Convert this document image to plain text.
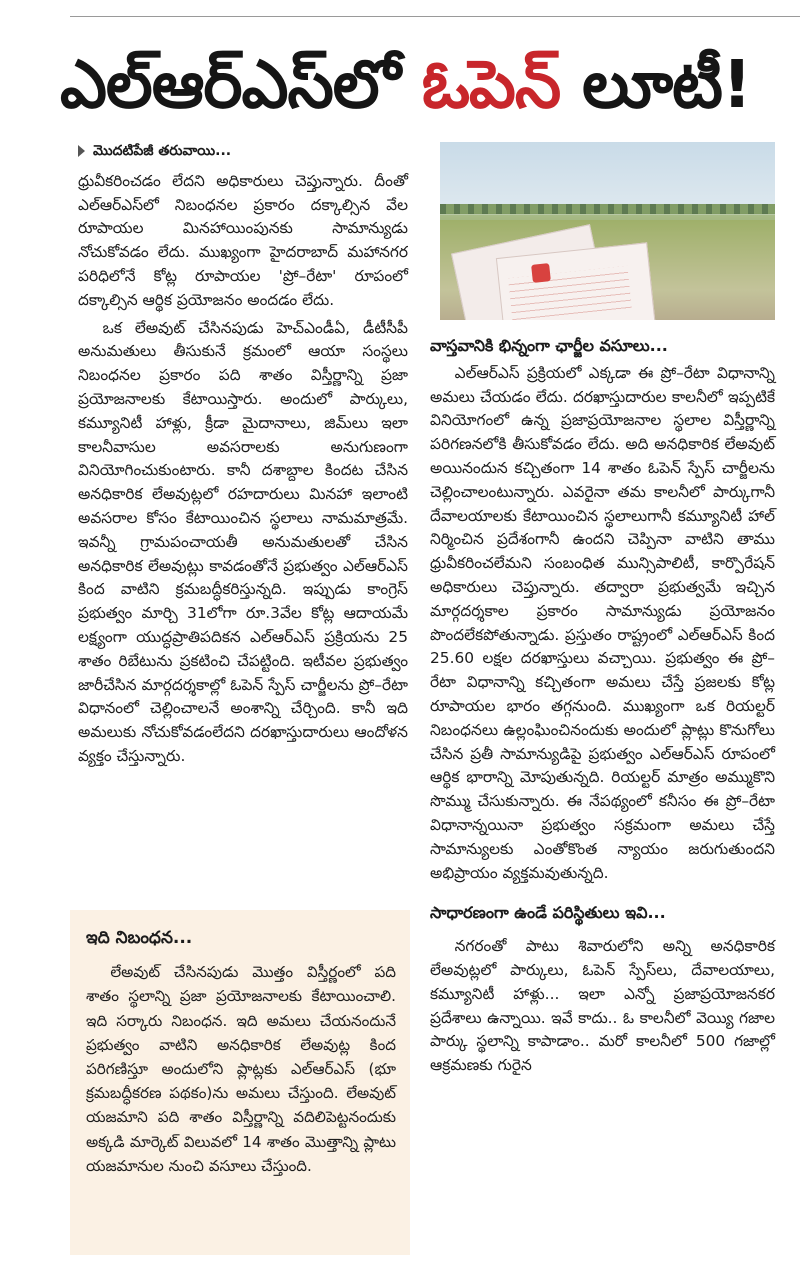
ఎల్‌ఆర్‌ఎస్‌లో ఓపెన్ లూటీ!
మొదటిపేజీ తరువాయి...

ధ్రువీకరించడం లేదని అధికారులు చెప్తున్నారు. దీంతో ఎల్‌ఆర్‌ఎస్‌లో నిబంధనల ప్రకారం దక్కాల్సిన వేల రూపాయల మినహాయింపునకు సామాన్యుడు నోచుకోవడం లేదు. ముఖ్యంగా హైదరాబాద్ మహానగర పరిధిలోనే కోట్ల రూపాయల 'ప్రో–రేటా' రూపంలో దక్కాల్సిన ఆర్థిక ప్రయోజనం అందడం లేదు.

ఒక లేఅవుట్ చేసినపుడు హెచ్ఎండీఏ, డీటీసీపీ అనుమతులు తీసుకునే క్రమంలో ఆయా సంస్థలు నిబంధనల ప్రకారం పది శాతం విస్తీర్ణాన్ని ప్రజా ప్రయోజనాలకు కేటాయిస్తారు. అందులో పార్కులు, కమ్యూనిటీ హాళ్లు, క్రీడా మైదానాలు, జిమ్‌లు ఇలా కాలనీవాసుల అవసరాలకు అనుగుణంగా వినియోగించుకుంటారు. కానీ దశాబ్దాల కిందట చేసిన అనధికారిక లేఅవుట్లలో రహదారులు మినహా ఇలాంటి అవసరాల కోసం కేటాయించిన స్థలాలు నామమాత్రమే. ఇవన్నీ గ్రామపంచాయతీ అనుమతులతో చేసిన అనధికారిక లేఅవుట్లు కావడంతోనే ప్రభుత్వం ఎల్‌ఆర్‌ఎస్ కింద వాటిని క్రమబద్ధీకరిస్తున్నది. ఇప్పుడు కాంగ్రెస్ ప్రభుత్వం మార్చి 31లోగా రూ.3వేల కోట్ల ఆదాయమే లక్ష్యంగా యుద్ధప్రాతిపదికన ఎల్‌ఆర్‌ఎస్ ప్రక్రియను 25 శాతం రిబేటును ప్రకటించి చేపట్టింది. ఇటీవల ప్రభుత్వం జారీచేసిన మార్గదర్శకాల్లో ఓపెన్ స్పేస్ చార్జీలను ప్రో–రేటా విధానంలో చెల్లించాలనే అంశాన్ని చేర్చింది. కానీ ఇది అమలుకు నోచుకోవడంలేదని దరఖాస్తుదారులు ఆందోళన వ్యక్తం చేస్తున్నారు.

ఇది నిబంధన...

లేఅవుట్ చేసినపుడు మొత్తం విస్తీర్ణంలో పది శాతం స్థలాన్ని ప్రజా ప్రయోజనాలకు కేటాయించాలి. ఇది సర్కారు నిబంధన. ఇది అమలు చేయనందునే ప్రభుత్వం వాటిని అనధికారిక లేఅవుట్ల కింద పరిగణిస్తూ అందులోని ప్లాట్లకు ఎల్‌ఆర్‌ఎస్ (భూ క్రమబద్ధీకరణ పథకం)ను అమలు చేస్తుంది. లేఅవుట్ యజమాని పది శాతం విస్తీర్ణాన్ని వదిలిపెట్టనందుకు అక్కడి మార్కెట్ విలువలో 14 శాతం మొత్తాన్ని ప్లాటు యజమానుల నుంచి వసూలు చేస్తుంది.

వాస్తవానికి భిన్నంగా ఛార్జీల వసూలు...

ఎల్‌ఆర్‌ఎస్ ప్రక్రియలో ఎక్కడా ఈ ప్రో–రేటా విధానాన్ని అమలు చేయడం లేదు. దరఖాస్తుదారుల కాలనీలో ఇప్పటికే వినియోగంలో ఉన్న ప్రజాప్రయోజనాల స్థలాల విస్తీర్ణాన్ని పరిగణనలోకి తీసుకోవడం లేదు. అది అనధికారిక లేఅవుట్ అయినందున కచ్చితంగా 14 శాతం ఓపెన్ స్పేస్ చార్జీలను చెల్లించాలంటున్నారు. ఎవరైనా తమ కాలనీలో పార్కుగానీ దేవాలయాలకు కేటాయించిన స్థలాలుగానీ కమ్యూనిటీ హాల్ నిర్మించిన ప్రదేశంగానీ ఉందని చెప్పినా వాటిని తాము ధ్రువీకరించలేమని సంబంధిత మున్సిపాలిటీ, కార్పొరేషన్ అధికారులు చెప్తున్నారు. తద్వారా ప్రభుత్వమే ఇచ్చిన మార్గదర్శకాల ప్రకారం సామాన్యుడు ప్రయోజనం పొందలేకపోతున్నాడు. ప్రస్తుతం రాష్ట్రంలో ఎల్‌ఆర్‌ఎస్ కింద 25.60 లక్షల దరఖాస్తులు వచ్చాయి. ప్రభుత్వం ఈ ప్రో–రేటా విధానాన్ని కచ్చితంగా అమలు చేస్తే ప్రజలకు కోట్ల రూపాయల భారం తగ్గనుంది. ముఖ్యంగా ఒక రియల్టర్ నిబంధనలు ఉల్లంఘించినందుకు అందులో ప్లాట్లు కొనుగోలు చేసిన ప్రతీ సామాన్యుడిపై ప్రభుత్వం ఎల్‌ఆర్‌ఎస్ రూపంలో ఆర్థిక భారాన్ని మోపుతున్నది. రియల్టర్ మాత్రం అమ్ముకొని సొమ్ము చేసుకున్నారు. ఈ నేపథ్యంలో కనీసం ఈ ప్రో–రేటా విధానాన్నయినా ప్రభుత్వం సక్రమంగా అమలు చేస్తే సామాన్యులకు ఎంతోకొంత న్యాయం జరుగుతుందని అభిప్రాయం వ్యక్తమవుతున్నది.

సాధారణంగా ఉండే పరిస్థితులు ఇవి...

నగరంతో పాటు శివారులోని అన్ని అనధికారిక లేఅవుట్లలో పార్కులు, ఓపెన్ స్పేస్‌లు, దేవాలయాలు, కమ్యూనిటీ హాళ్లు... ఇలా ఎన్నో ప్రజాప్రయోజనకర ప్రదేశాలు ఉన్నాయి. ఇవే కాదు.. ఓ కాలనీలో వెయ్యి గజాల పార్కు స్థలాన్ని కాపాడాం.. మరో కాలనీలో 500 గజాల్లో ఆక్రమణకు గురైన
